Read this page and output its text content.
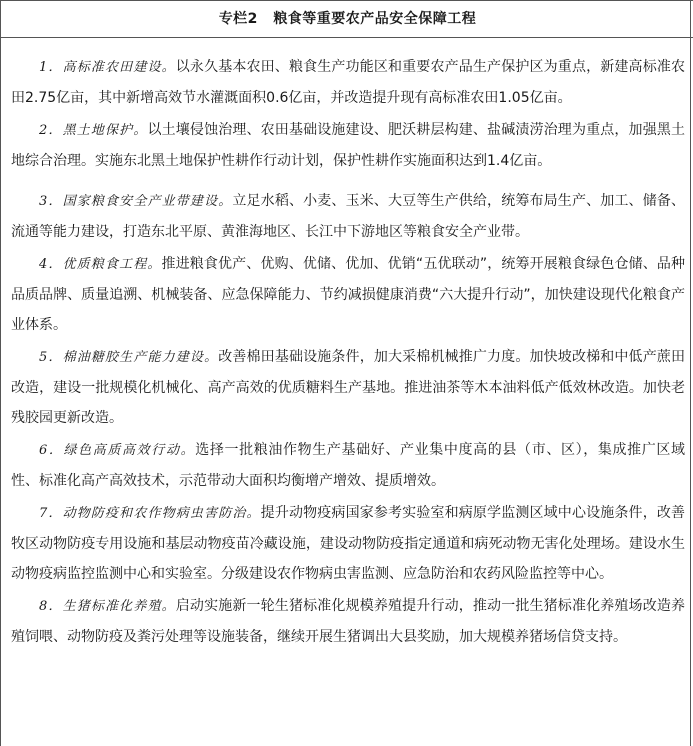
专栏2 粮食等重要农产品安全保障工程

1．高标准农田建设。以永久基本农田、粮食生产功能区和重要农产品生产保护区为重点，新建高标准农田2.75亿亩，其中新增高效节水灌溉面积0.6亿亩，并改造提升现有高标准农田1.05亿亩。

2．黑土地保护。以土壤侵蚀治理、农田基础设施建设、肥沃耕层构建、盐碱渍涝治理为重点，加强黑土地综合治理。实施东北黑土地保护性耕作行动计划，保护性耕作实施面积达到1.4亿亩。

3．国家粮食安全产业带建设。立足水稻、小麦、玉米、大豆等生产供给，统筹布局生产、加工、储备、流通等能力建设，打造东北平原、黄淮海地区、长江中下游地区等粮食安全产业带。

4．优质粮食工程。推进粮食优产、优购、优储、优加、优销“五优联动”，统筹开展粮食绿色仓储、品种品质品牌、质量追溯、机械装备、应急保障能力、节约减损健康消费“六大提升行动”，加快建设现代化粮食产业体系。

5．棉油糖胶生产能力建设。改善棉田基础设施条件，加大采棉机械推广力度。加快坡改梯和中低产蔗田改造，建设一批规模化机械化、高产高效的优质糖料生产基地。推进油茶等木本油料低产低效林改造。加快老残胶园更新改造。

6．绿色高质高效行动。选择一批粮油作物生产基础好、产业集中度高的县（市、区），集成推广区域性、标准化高产高效技术，示范带动大面积均衡增产增效、提质增效。

7．动物防疫和农作物病虫害防治。提升动物疫病国家参考实验室和病原学监测区域中心设施条件，改善牧区动物防疫专用设施和基层动物疫苗冷藏设施，建设动物防疫指定通道和病死动物无害化处理场。建设水生动物疫病监控监测中心和实验室。分级建设农作物病虫害监测、应急防治和农药风险监控等中心。

8．生猪标准化养殖。启动实施新一轮生猪标准化规模养殖提升行动，推动一批生猪标准化养殖场改造养殖饲喂、动物防疫及粪污处理等设施装备，继续开展生猪调出大县奖励，加大规模养猪场信贷支持。
